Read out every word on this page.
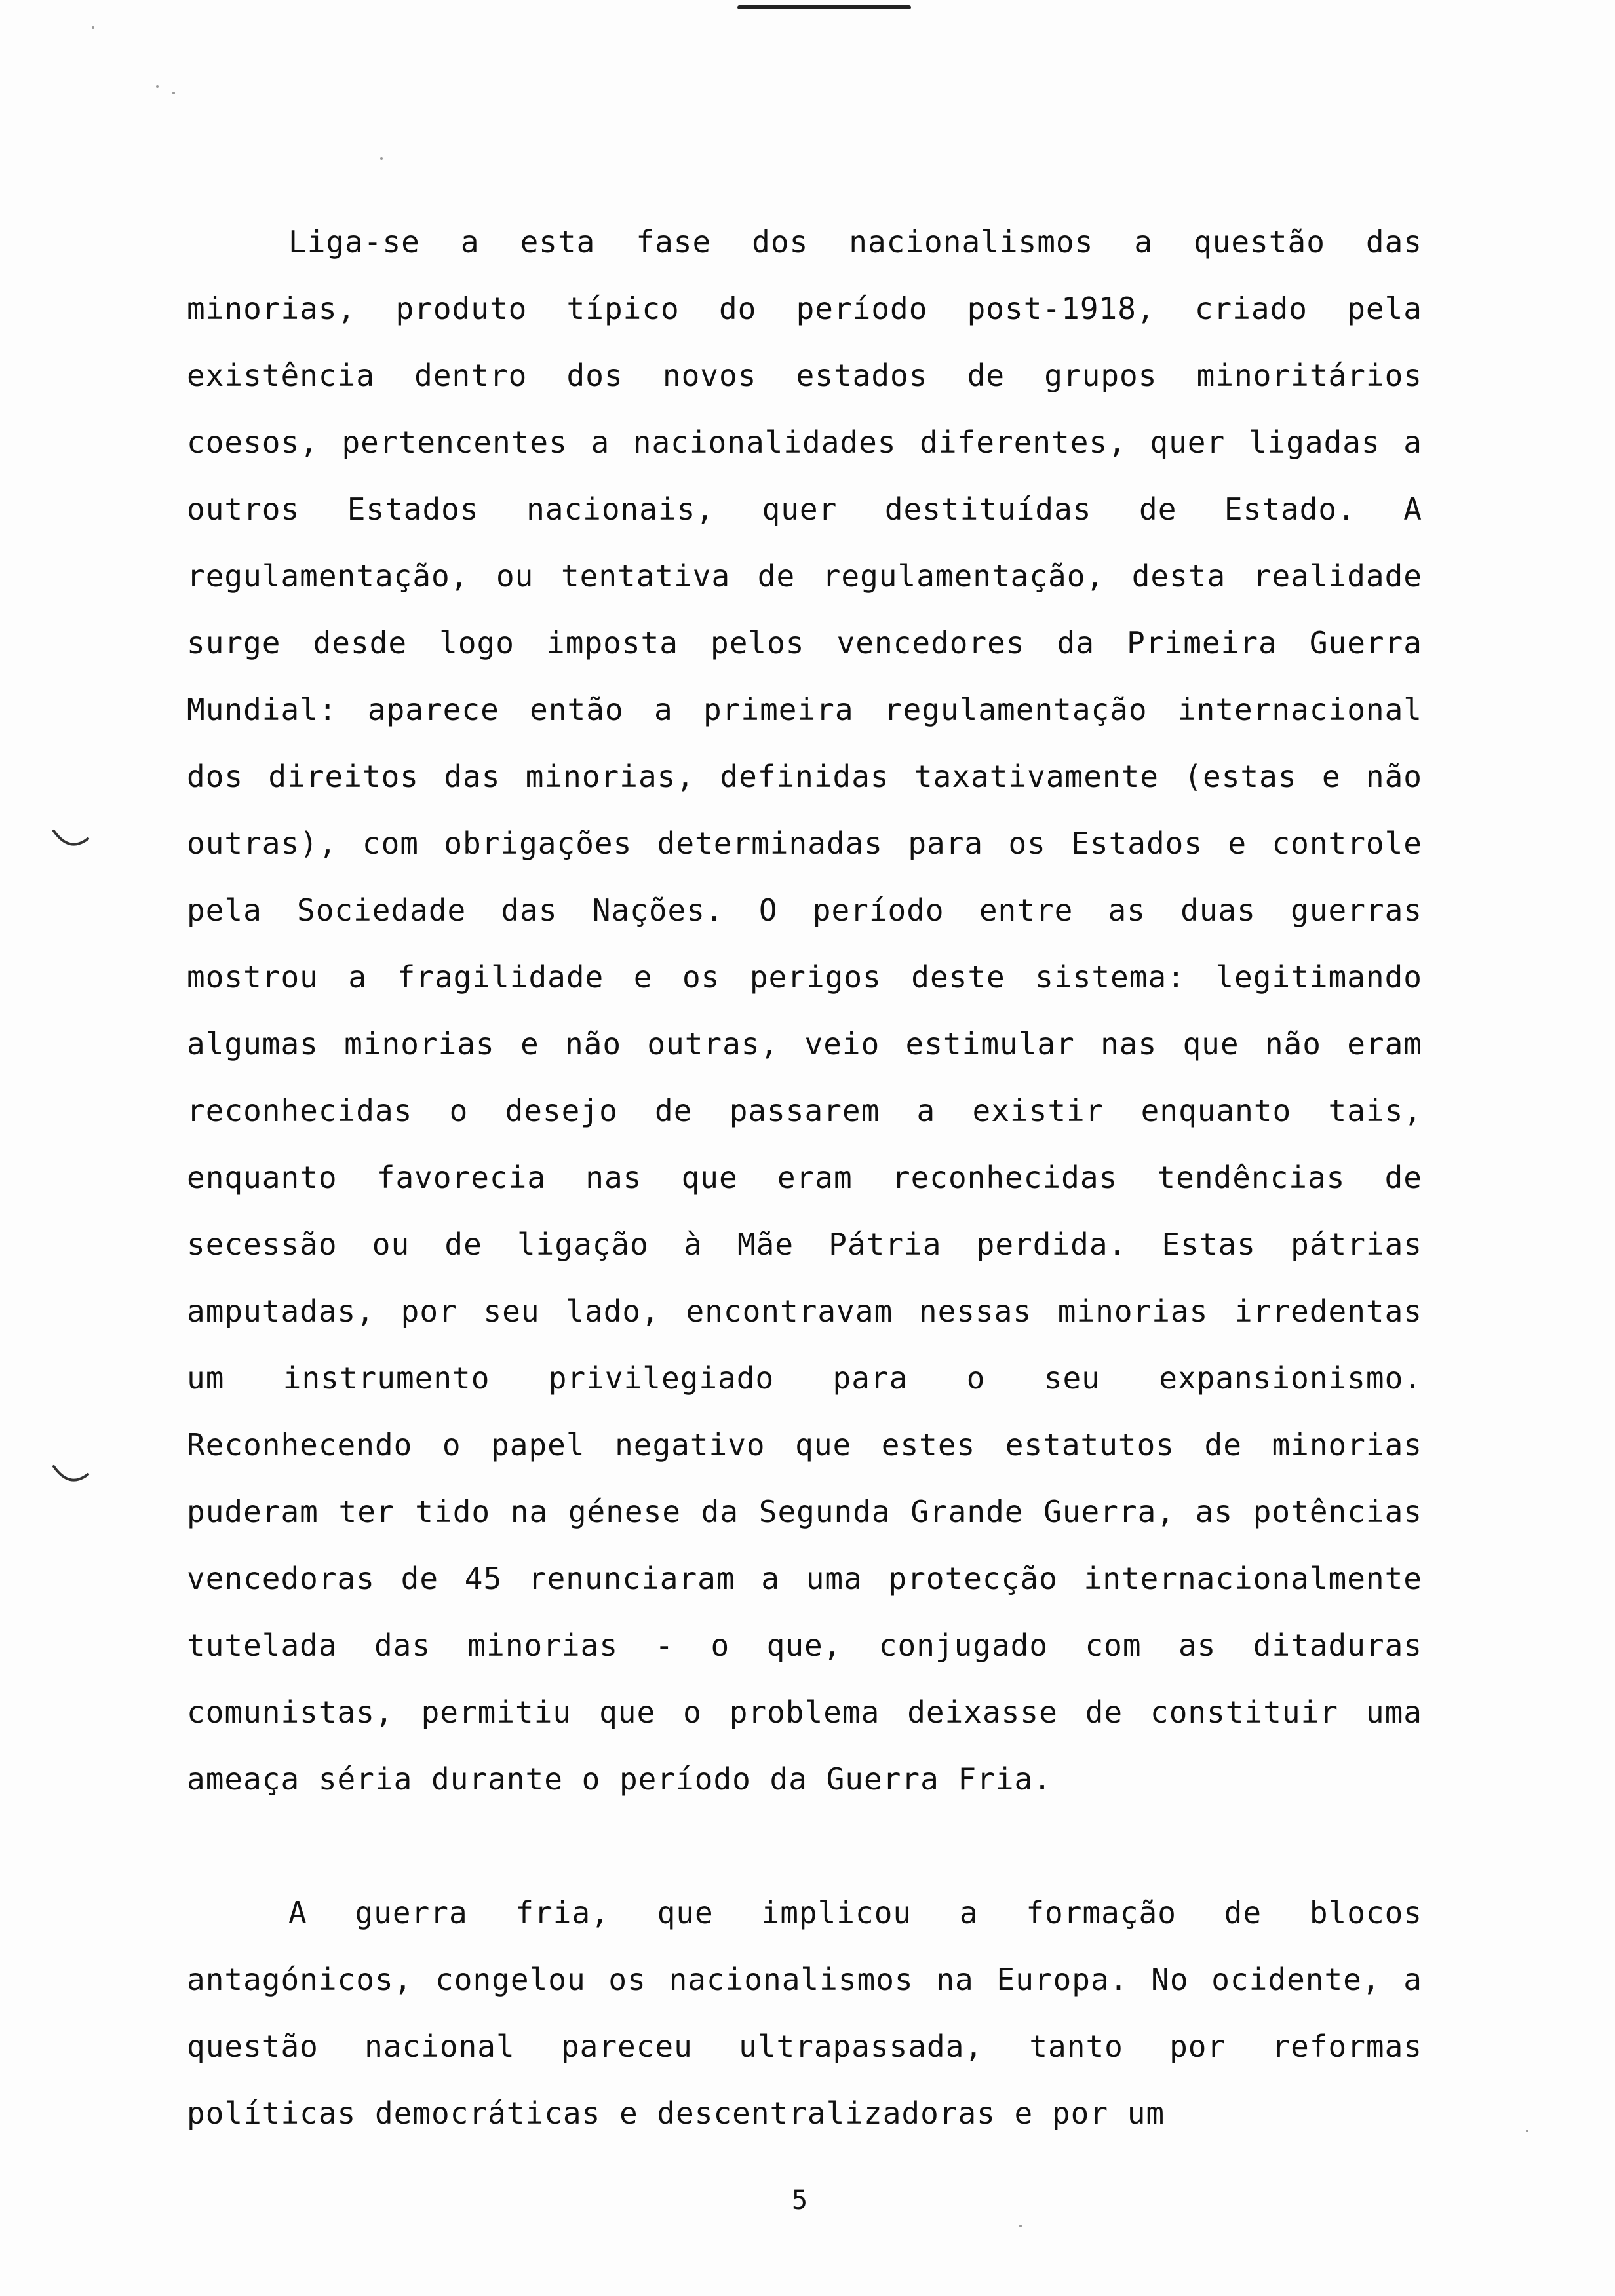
Liga-se a esta fase dos nacionalismos a questão das minorias, produto típico do período post-1918, criado pela existência dentro dos novos estados de grupos minoritários coesos, pertencentes a nacionalidades diferentes, quer ligadas a outros Estados nacionais, quer destituídas de Estado. A regulamentação, ou tentativa de regulamentação, desta realidade surge desde logo imposta pelos vencedores da Primeira Guerra Mundial: aparece então a primeira regulamentação internacional dos direitos das minorias, definidas taxativamente (estas e não outras), com obrigações determinadas para os Estados e controle pela Sociedade das Nações. O período entre as duas guerras mostrou a fragilidade e os perigos deste sistema: legitimando algumas minorias e não outras, veio estimular nas que não eram reconhecidas o desejo de passarem a existir enquanto tais, enquanto favorecia nas que eram reconhecidas tendências de secessão ou de ligação à Mãe Pátria perdida. Estas pátrias amputadas, por seu lado, encontravam nessas minorias irredentas um instrumento privilegiado para o seu expansionismo. Reconhecendo o papel negativo que estes estatutos de minorias puderam ter tido na génese da Segunda Grande Guerra, as potências vencedoras de 45 renunciaram a uma protecção internacionalmente tutelada das minorias - o que, conjugado com as ditaduras comunistas, permitiu que o problema deixasse de constituir uma ameaça séria durante o período da Guerra Fria.

A guerra fria, que implicou a formação de blocos antagónicos, congelou os nacionalismos na Europa. No ocidente, a questão nacional pareceu ultrapassada, tanto por reformas políticas democráticas e descentralizadoras e por um

5
